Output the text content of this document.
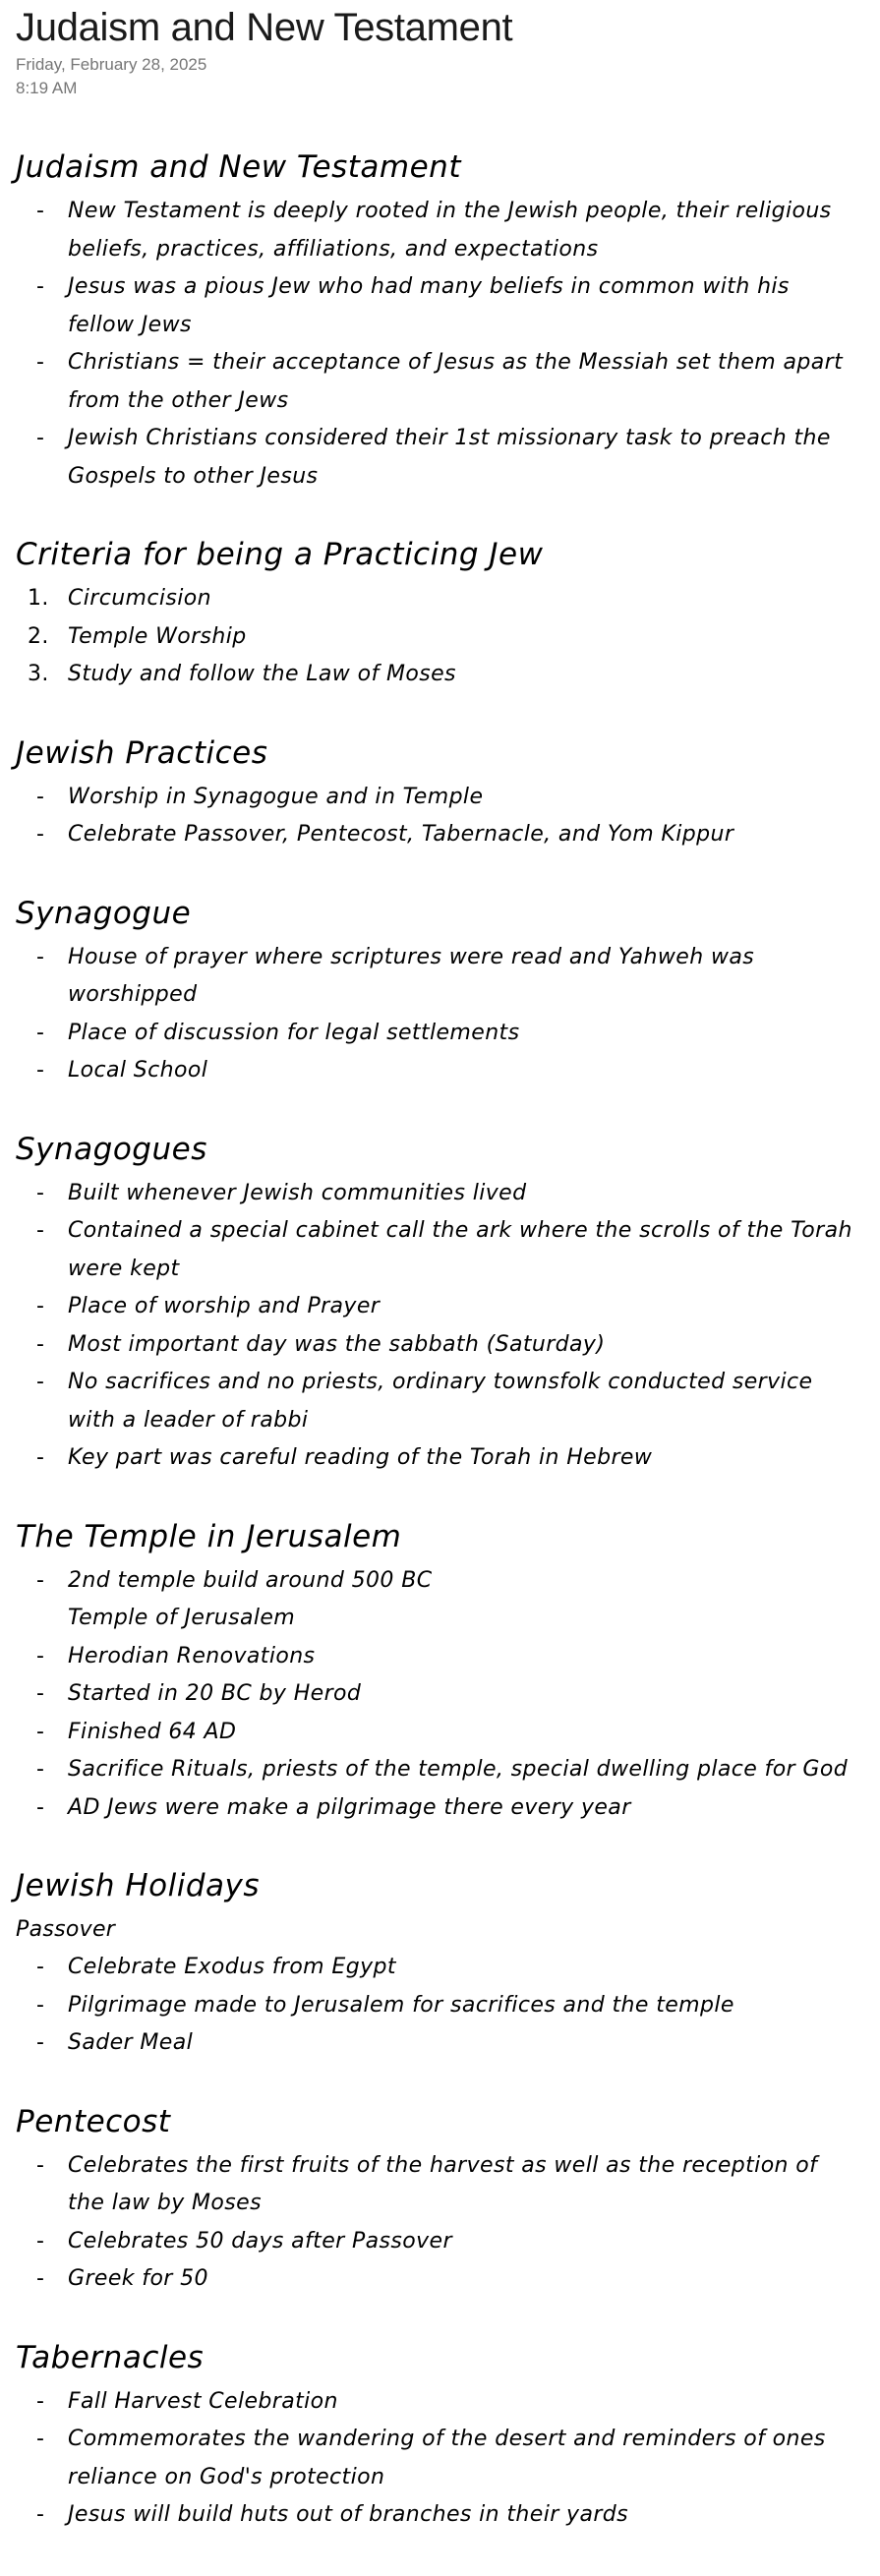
Judaism and New Testament
Friday, February 28, 2025
8:19 AM
Judaism and New Testament
- New Testament is deeply rooted in the Jewish people, their religious beliefs, practices, affiliations, and expectations
- Jesus was a pious Jew who had many beliefs in common with his fellow Jews
- Christians = their acceptance of Jesus as the Messiah set them apart from the other Jews
- Jewish Christians considered their 1st missionary task to preach the Gospels to other Jesus
Criteria for being a Practicing Jew
1. Circumcision
2. Temple Worship
3. Study and follow the Law of Moses
Jewish Practices
- Worship in Synagogue and in Temple
- Celebrate Passover, Pentecost, Tabernacle, and Yom Kippur
Synagogue
- House of prayer where scriptures were read and Yahweh was worshipped
- Place of discussion for legal settlements
- Local School
Synagogues
- Built whenever Jewish communities lived
- Contained a special cabinet call the ark where the scrolls of the Torah were kept
- Place of worship and Prayer
- Most important day was the sabbath (Saturday)
- No sacrifices and no priests, ordinary townsfolk conducted service with a leader of rabbi
- Key part was careful reading of the Torah in Hebrew
The Temple in Jerusalem
- 2nd temple build around 500 BC
Temple of Jerusalem
- Herodian Renovations
- Started in 20 BC by Herod
- Finished 64 AD
- Sacrifice Rituals, priests of the temple, special dwelling place for God
- AD Jews were make a pilgrimage there every year
Jewish Holidays
Passover
- Celebrate Exodus from Egypt
- Pilgrimage made to Jerusalem for sacrifices and the temple
- Sader Meal
Pentecost
- Celebrates the first fruits of the harvest as well as the reception of the law by Moses
- Celebrates 50 days after Passover
- Greek for 50
Tabernacles
- Fall Harvest Celebration
- Commemorates the wandering of the desert and reminders of ones reliance on God's protection
- Jesus will build huts out of branches in their yards
